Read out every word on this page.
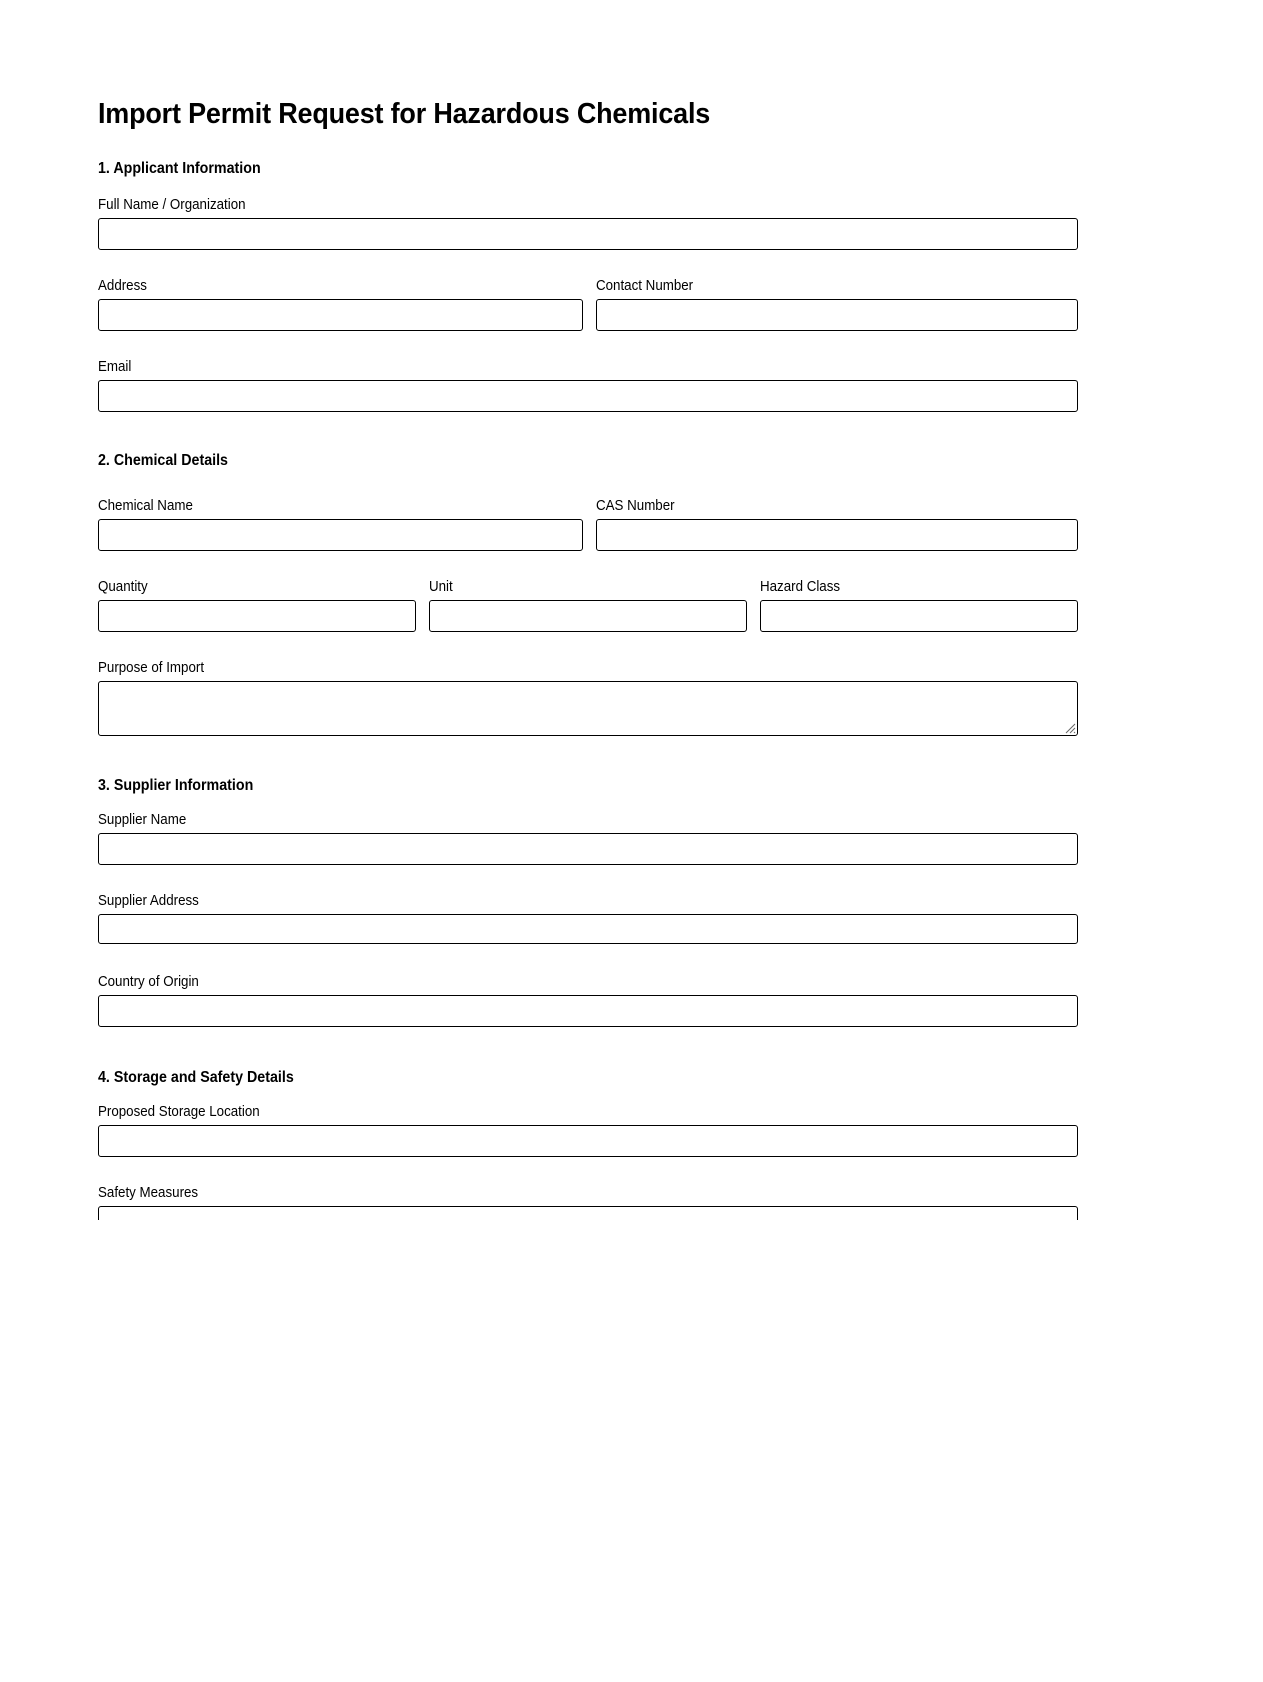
Import Permit Request for Hazardous Chemicals
1. Applicant Information
Full Name / Organization
Address	Contact Number
Email
2. Chemical Details
Chemical Name	CAS Number
Quantity	Unit	Hazard Class
Purpose of Import
3. Supplier Information
Supplier Name
Supplier Address
Country of Origin
4. Storage and Safety Details
Proposed Storage Location
Safety Measures
